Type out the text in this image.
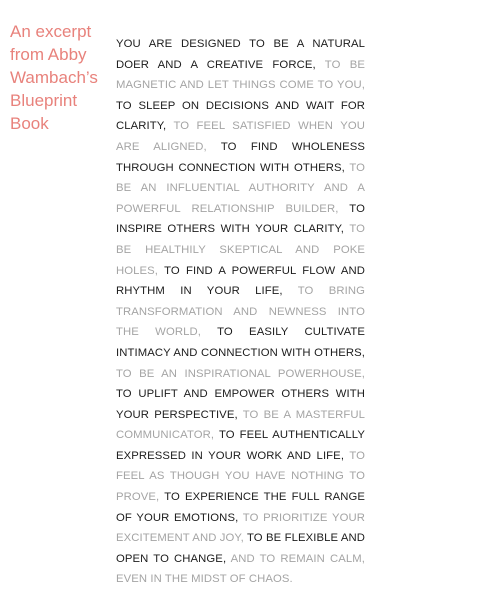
An excerpt
from Abby
Wambach’s
Blueprint
Book
YOU ARE DESIGNED TO BE A NATURAL DOER AND A CREATIVE FORCE, TO BE MAGNETIC AND LET THINGS COME TO YOU, TO SLEEP ON DECISIONS AND WAIT FOR CLARITY, TO FEEL SATISFIED WHEN YOU ARE ALIGNED, TO FIND WHOLENESS THROUGH CONNECTION WITH OTHERS, TO BE AN INFLUENTIAL AUTHORITY AND A POWERFUL RELATIONSHIP BUILDER, TO INSPIRE OTHERS WITH YOUR CLARITY, TO BE HEALTHILY SKEPTICAL AND POKE HOLES, TO FIND A POWERFUL FLOW AND RHYTHM IN YOUR LIFE, TO BRING TRANSFORMATION AND NEWNESS INTO THE WORLD, TO EASILY CULTIVATE INTIMACY AND CONNECTION WITH OTHERS, TO BE AN INSPIRATIONAL POWERHOUSE, TO UPLIFT AND EMPOWER OTHERS WITH YOUR PERSPECTIVE, TO BE A MASTERFUL COMMUNICATOR, TO FEEL AUTHENTICALLY EXPRESSED IN YOUR WORK AND LIFE, TO FEEL AS THOUGH YOU HAVE NOTHING TO PROVE, TO EXPERIENCE THE FULL RANGE OF YOUR EMOTIONS, TO PRIORITIZE YOUR EXCITEMENT AND JOY, TO BE FLEXIBLE AND OPEN TO CHANGE, AND TO REMAIN CALM, EVEN IN THE MIDST OF CHAOS.
